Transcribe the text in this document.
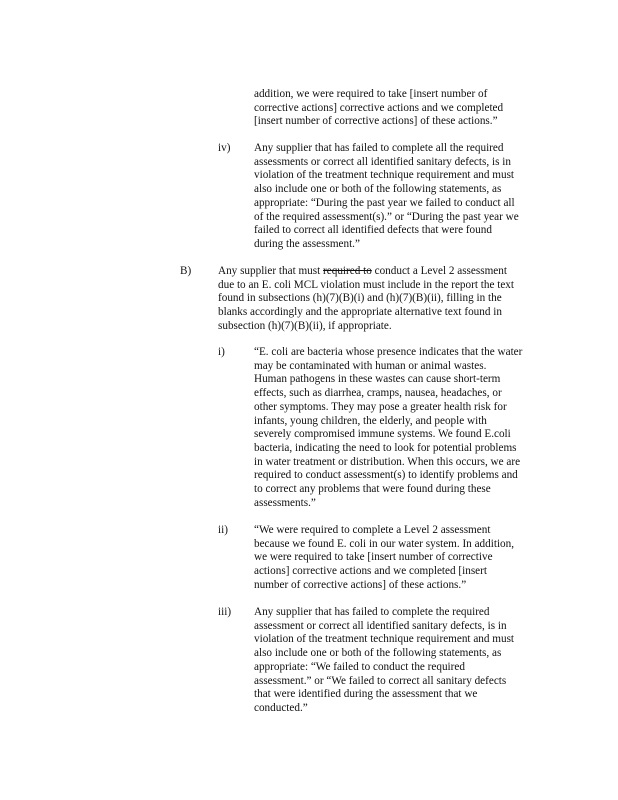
addition, we were required to take [insert number of
corrective actions] corrective actions and we completed
[insert number of corrective actions] of these actions.”
iv) Any supplier that has failed to complete all the required
assessments or correct all identified sanitary defects, is in
violation of the treatment technique requirement and must
also include one or both of the following statements, as
appropriate: “During the past year we failed to conduct all
of the required assessment(s).” or “During the past year we
failed to correct all identified defects that were found
during the assessment.”
B) Any supplier that must required to conduct a Level 2 assessment
due to an E. coli MCL violation must include in the report the text
found in subsections (h)(7)(B)(i) and (h)(7)(B)(ii), filling in the
blanks accordingly and the appropriate alternative text found in
subsection (h)(7)(B)(ii), if appropriate.
i)	“E. coli are bacteria whose presence indicates that the water
may be contaminated with human or animal wastes.
Human pathogens in these wastes can cause short-term
effects, such as diarrhea, cramps, nausea, headaches, or
other symptoms. They may pose a greater health risk for
infants, young children, the elderly, and people with
severely compromised immune systems. We found E.coli
bacteria, indicating the need to look for potential problems
in water treatment or distribution. When this occurs, we are
required to conduct assessment(s) to identify problems and
to correct any problems that were found during these
assessments.”
ii) “We were required to complete a Level 2 assessment
because we found E. coli in our water system. In addition,
we were required to take [insert number of corrective
actions] corrective actions and we completed [insert
number of corrective actions] of these actions.”
iii) Any supplier that has failed to complete the required
assessment or correct all identified sanitary defects, is in
violation of the treatment technique requirement and must
also include one or both of the following statements, as
appropriate: “We failed to conduct the required
assessment.” or “We failed to correct all sanitary defects
that were identified during the assessment that we
conducted.”
